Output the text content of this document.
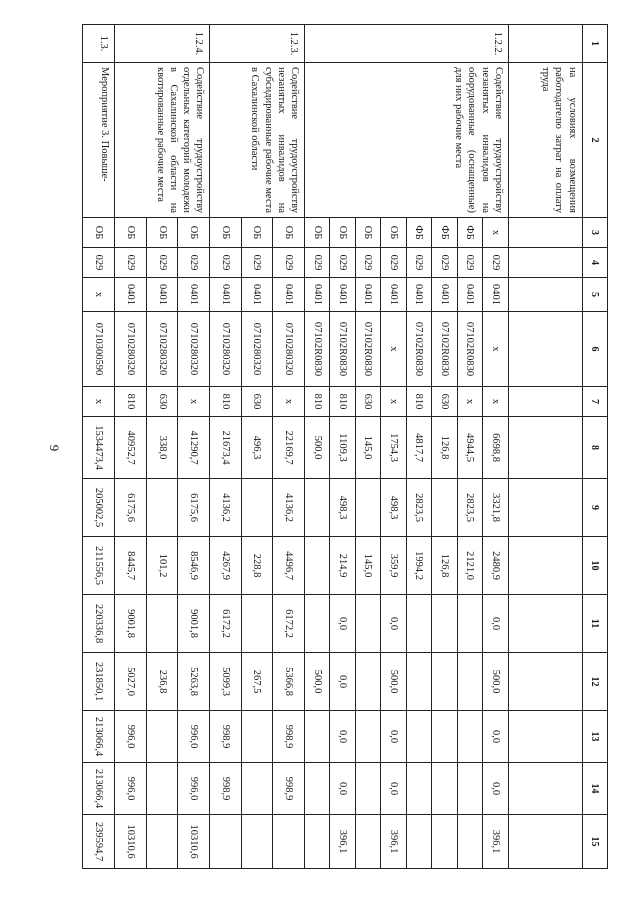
9
1	2	3	4	5	6	7	8	9	10	11	12	13	14	15
	на условиях возмещения работодателю затрат на оплату труда													
1.2.2.	Содействие трудоустройству незанятых инвалидов на оборудованные (оснащенные) для них рабочие места	х	029	0401	х	х	6698,8	3321,8	2480,9	0,0	500,0	0,0	0,0	396,1
		ФБ	029	0401	07102R0830	х	4944,5	2823,5	2121,0					
		ФБ	029	0401	07102R0830	630	126,8		126,8					
		ФБ	029	0401	07102R0830	810	4817,7	2823,5	1994,2					
		ОБ	029	0401	х	х	1754,3	498,3	359,9	0,0	500,0	0,0	0,0	396,1
		ОБ	029	0401	07102R0830	630	145,0		145,0					
		ОБ	029	0401	07102R0830	810	1109,3	498,3	214,9	0,0	0,0	0,0	0,0	396,1
		ОБ	029	0401	07102R0830	810	500,0				500,0			
1.2.3.	Содействие трудоустройству незанятых инвалидов на субсидированные рабочие места в Сахалинской области	ОБ	029	0401	0710280320	х	22169,7	4136,2	4496,7	6172,2	5366,8	998,9	998,9	
		ОБ	029	0401	0710280320	630	496,3		228,8		267,5			
		ОБ	029	0401	0710280320	810	21673,4	4136,2	4267,9	6172,2	5099,3	998,9	998,9	
1.2.4.	Содействие трудоустройству отдельных категорий молодежи в Сахалинской области на квотированные рабочие места	ОБ	029	0401	0710280320	х	41290,7	6175,6	8546,9	9001,8	5263,8	996,0	996,0	10310,6
		ОБ	029	0401	0710280320	630	338,0		101,2		236,8			
		ОБ	029	0401	0710280320	810	40952,7	6175,6	8445,7	9001,8	5027,0	996,0	996,0	10310,6
1.3.	Мероприятие 3. Повыше-	ОБ	029	х	0710300590	х	1534473,4	205002,5	211556,5	220336,8	231850,1	213066,4	213066,4	239594,7
